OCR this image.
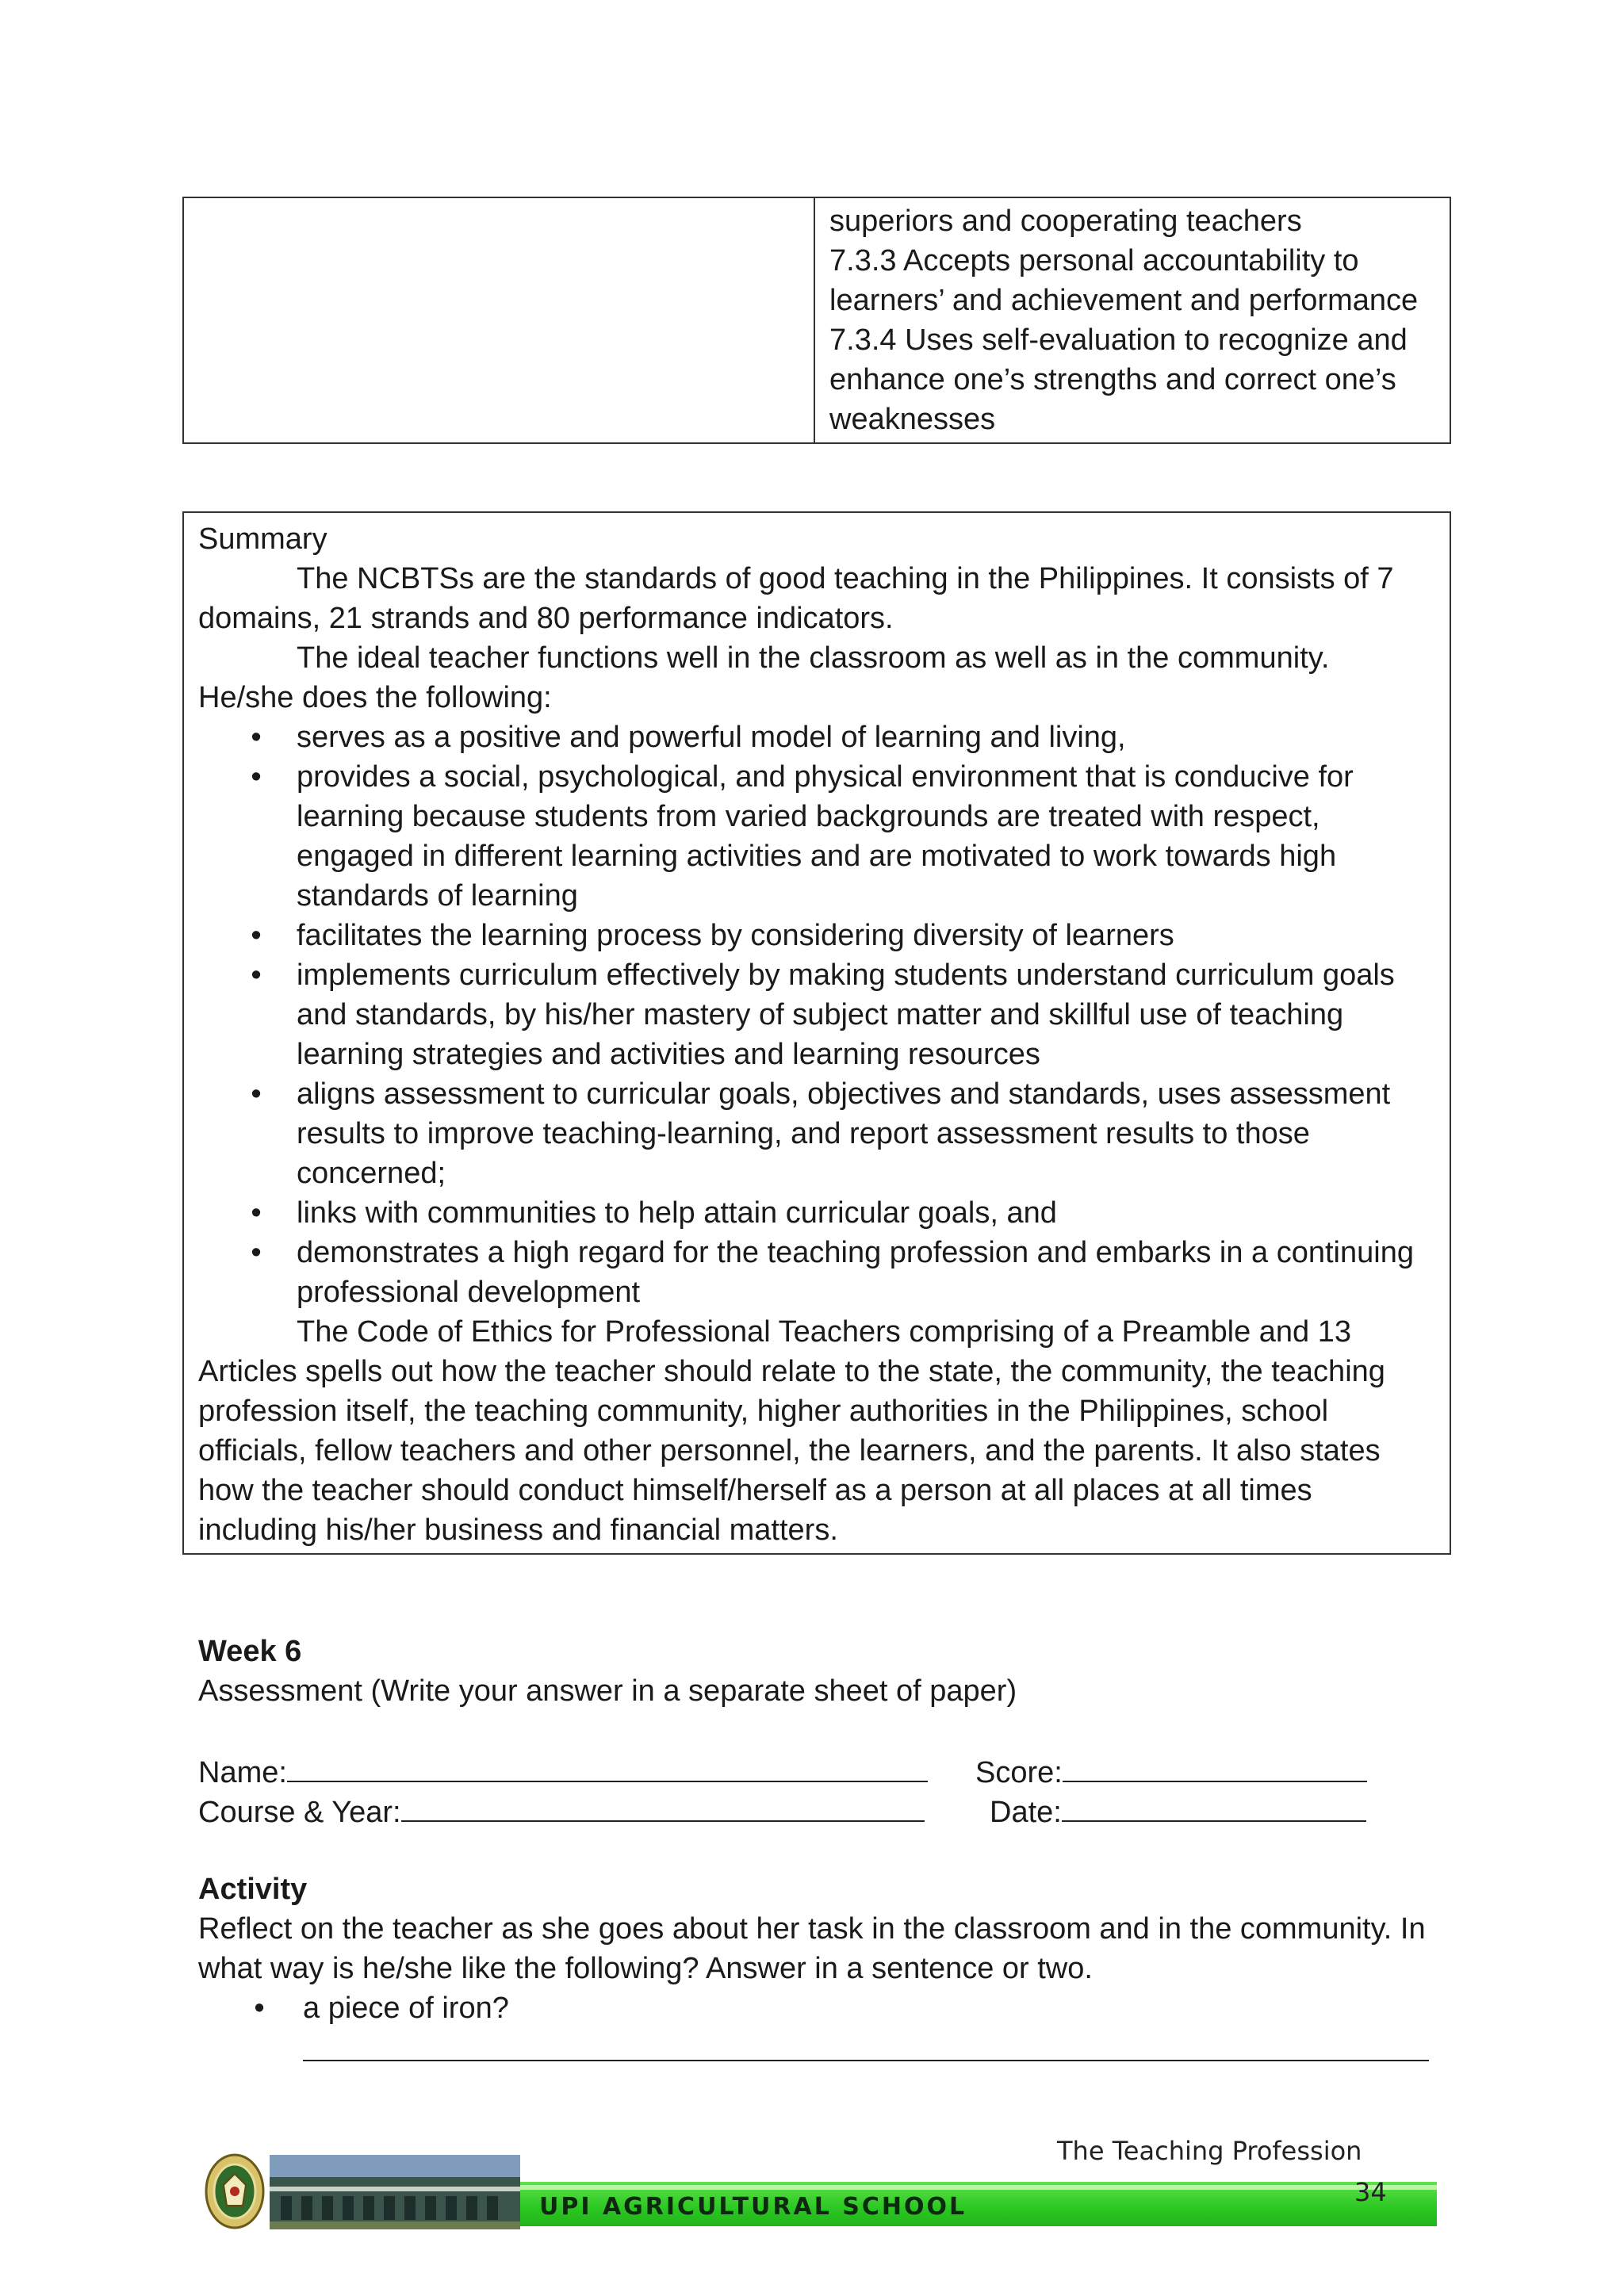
superiors and cooperating teachers
7.3.3 Accepts personal accountability to
learners’ and achievement and performance
7.3.4 Uses self-evaluation to recognize and
enhance one’s strengths and correct one’s
weaknesses
Summary
The NCBTSs are the standards of good teaching in the Philippines. It consists of 7
domains, 21 strands and 80 performance indicators.
The ideal teacher functions well in the classroom as well as in the community.
He/she does the following:
• serves as a positive and powerful model of learning and living,
• provides a social, psychological, and physical environment that is conducive for
learning because students from varied backgrounds are treated with respect,
engaged in different learning activities and are motivated to work towards high
standards of learning
• facilitates the learning process by considering diversity of learners
• implements curriculum effectively by making students understand curriculum goals
and standards, by his/her mastery of subject matter and skillful use of teaching
learning strategies and activities and learning resources
• aligns assessment to curricular goals, objectives and standards, uses assessment
results to improve teaching-learning, and report assessment results to those
concerned;
• links with communities to help attain curricular goals, and
• demonstrates a high regard for the teaching profession and embarks in a continuing
professional development
The Code of Ethics for Professional Teachers comprising of a Preamble and 13
Articles spells out how the teacher should relate to the state, the community, the teaching
profession itself, the teaching community, higher authorities in the Philippines, school
officials, fellow teachers and other personnel, the learners, and the parents. It also states
how the teacher should conduct himself/herself as a person at all places at all times
including his/her business and financial matters.
Week 6
Assessment (Write your answer in a separate sheet of paper)
Name:	Score:
Course & Year:	Date:
Activity
Reflect on the teacher as she goes about her task in the classroom and in the community. In
what way is he/she like the following? Answer in a sentence or two.
• a piece of iron?
The Teaching Profession
UPI AGRICULTURAL SCHOOL	34
